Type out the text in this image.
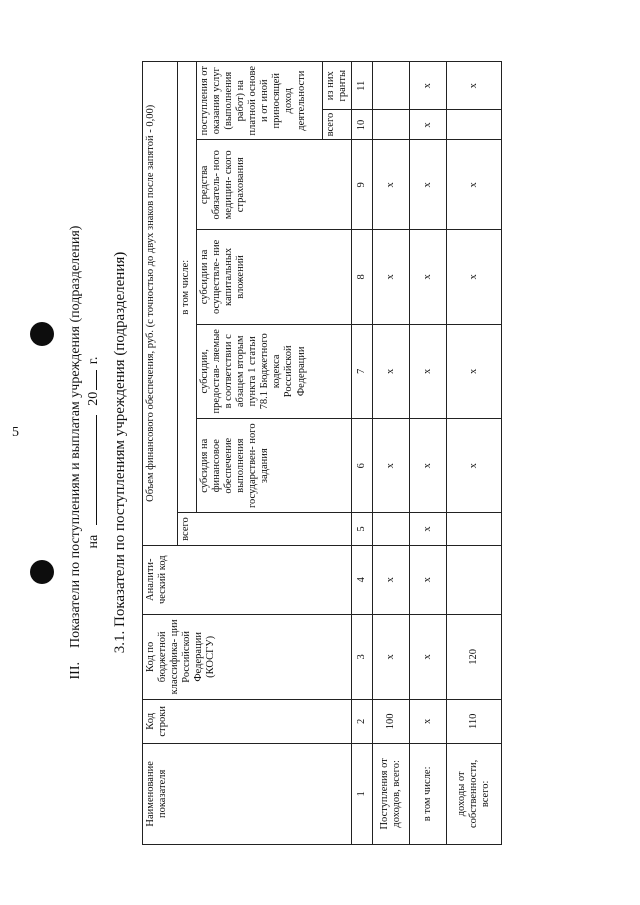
5
III.    Показатели по поступлениям и выплатам учреждения (подразделения) на  20 г. 3.1. Показатели по поступлениям учреждения (подразделения)
Наименование показателя	Код строки	Код по бюджетной классифика- ции Российской Федерации (КОСГУ)	Аналити- ческий код	Объем финансового обеспечения, руб. (с точностью до двух знаков после запятой - 0,00)						
				всего	в том числе:					
					субсидия на финансовое обеспечение выполнения государствен- ного задания	субсидии, предостав- ляемые в соответствии с абзацем вторым пункта 1 статьи 78.1 Бюджетного кодекса Российской Федерации	субсидии на осуществле- ние капитальных вложений	средства обязатель- ного медицин- ского страхования	поступления от оказания услуг (выполнения работ) на платной основе и от иной приносящей доход деятельности	
									всего	из них гранты
1	2	3	4	5	6	7	8	9	10	11
Поступления от доходов, всего:	100	x	x		x	x	x	x		
в том числе:	x	x	x	x	x	x	x	x	x	x
доходы от собственности, всего:	110	120			x	x	x	x		x
